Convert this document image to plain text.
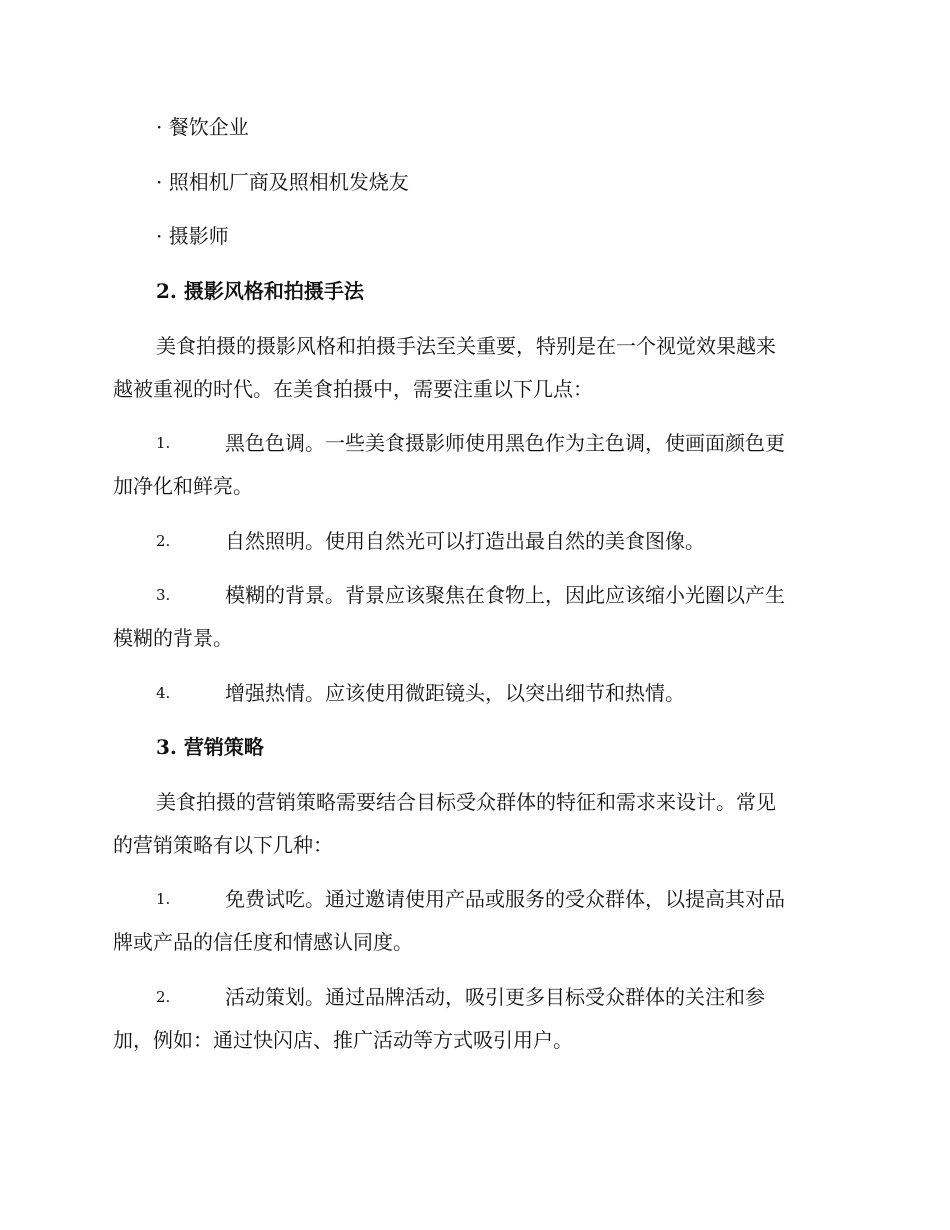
· 餐饮企业
· 照相机厂商及照相机发烧友
· 摄影师
2. 摄影风格和拍摄手法
美食拍摄的摄影风格和拍摄手法至关重要，特别是在一个视觉效果越来
越被重视的时代。在美食拍摄中，需要注重以下几点：
1.	黑色色调。一些美食摄影师使用黑色作为主色调，使画面颜色更
加净化和鲜亮。
2.	自然照明。使用自然光可以打造出最自然的美食图像。
3.	模糊的背景。背景应该聚焦在食物上，因此应该缩小光圈以产生
模糊的背景。
4.	增强热情。应该使用微距镜头，以突出细节和热情。
3. 营销策略
美食拍摄的营销策略需要结合目标受众群体的特征和需求来设计。常见
的营销策略有以下几种：
1.	免费试吃。通过邀请使用产品或服务的受众群体，以提高其对品
牌或产品的信任度和情感认同度。
2.	活动策划。通过品牌活动，吸引更多目标受众群体的关注和参
加，例如：通过快闪店、推广活动等方式吸引用户。
